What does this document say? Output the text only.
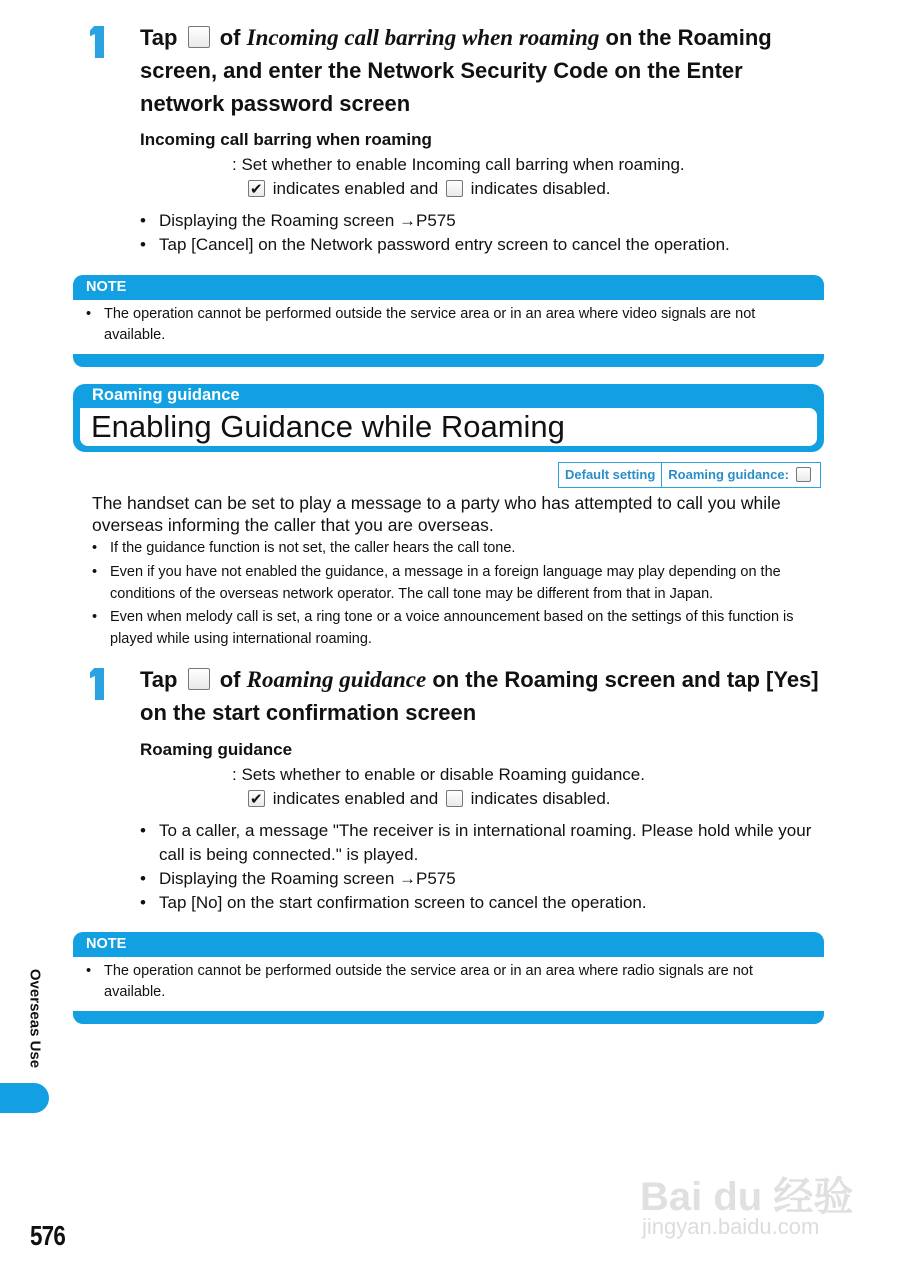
Tap of Incoming call barring when roaming on the Roaming screen, and enter the Network Security Code on the Enter network password screen
Incoming call barring when roaming
: Set whether to enable Incoming call barring when roaming.
✔ indicates enabled and indicates disabled.
• Displaying the Roaming screen →P575
• Tap [Cancel] on the Network password entry screen to cancel the operation.
NOTE
• The operation cannot be performed outside the service area or in an area where video signals are not available.
Roaming guidance
Enabling Guidance while Roaming
Default setting	Roaming guidance:
The handset can be set to play a message to a party who has attempted to call you while overseas informing the caller that you are overseas.
• If the guidance function is not set, the caller hears the call tone.
• Even if you have not enabled the guidance, a message in a foreign language may play depending on the conditions of the overseas network operator. The call tone may be different from that in Japan.
• Even when melody call is set, a ring tone or a voice announcement based on the settings of this function is played while using international roaming.
Tap of Roaming guidance on the Roaming screen and tap [Yes] on the start confirmation screen
Roaming guidance
: Sets whether to enable or disable Roaming guidance.
✔ indicates enabled and indicates disabled.
• To a caller, a message "The receiver is in international roaming. Please hold while your call is being connected." is played.
• Displaying the Roaming screen →P575
• Tap [No] on the start confirmation screen to cancel the operation.
NOTE
• The operation cannot be performed outside the service area or in an area where radio signals are not available.
Overseas Use
576
Bai du 经验
jingyan.baidu.com
